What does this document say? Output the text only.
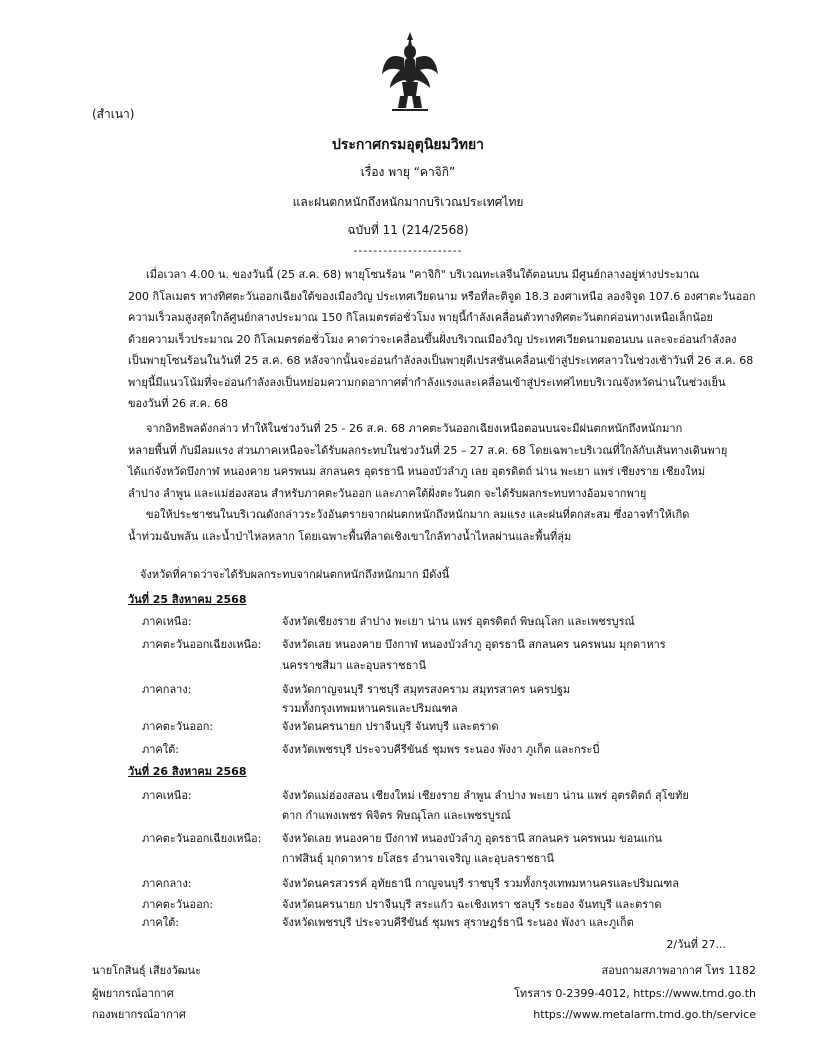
(สำเนา)
ประกาศกรมอุตุนิยมวิทยา
เรื่อง พายุ “คาจิกิ”
และฝนตกหนักถึงหนักมากบริเวณประเทศไทย
ฉบับที่ 11 (214/2568)
----------------------
เมื่อเวลา 4.00 น. ของวันนี้ (25 ส.ค. 68) พายุโซนร้อน "คาจิกิ" บริเวณทะเลจีนใต้ตอนบน มีศูนย์กลางอยู่ห่างประมาณ
200 กิโลเมตร ทางทิศตะวันออกเฉียงใต้ของเมืองวิญ ประเทศเวียดนาม หรือที่ละติจูด 18.3 องศาเหนือ ลองจิจูด 107.6 องศาตะวันออก
ความเร็วลมสูงสุดใกล้ศูนย์กลางประมาณ 150 กิโลเมตรต่อชั่วโมง พายุนี้กำลังเคลื่อนตัวทางทิศตะวันตกค่อนทางเหนือเล็กน้อย
ด้วยความเร็วประมาณ 20 กิโลเมตรต่อชั่วโมง คาดว่าจะเคลื่อนขึ้นฝั่งบริเวณเมืองวิญ ประเทศเวียดนามตอนบน และจะอ่อนกำลังลง
เป็นพายุโซนร้อนในวันที่ 25 ส.ค. 68 หลังจากนั้นจะอ่อนกำลังลงเป็นพายุดีเปรสชันเคลื่อนเข้าสู่ประเทศลาวในช่วงเช้าวันที่ 26 ส.ค. 68
พายุนี้มีแนวโน้มที่จะอ่อนกำลังลงเป็นหย่อมความกดอากาศต่ำกำลังแรงและเคลื่อนเข้าสู่ประเทศไทยบริเวณจังหวัดน่านในช่วงเย็น
ของวันที่ 26 ส.ค. 68
จากอิทธิพลดังกล่าว ทำให้ในช่วงวันที่ 25 - 26 ส.ค. 68 ภาคตะวันออกเฉียงเหนือตอนบนจะมีฝนตกหนักถึงหนักมาก
หลายพื้นที่ กับมีลมแรง ส่วนภาคเหนือจะได้รับผลกระทบในช่วงวันที่ 25 – 27 ส.ค. 68 โดยเฉพาะบริเวณที่ใกล้กับเส้นทางเดินพายุ
ได้แก่จังหวัดบึงกาฬ หนองคาย นครพนม สกลนคร อุดรธานี หนองบัวลำภู เลย อุตรดิตถ์ น่าน พะเยา แพร่ เชียงราย เชียงใหม่
ลำปาง ลำพูน และแม่ฮ่องสอน สำหรับภาคตะวันออก และภาคใต้ฝั่งตะวันตก จะได้รับผลกระทบทางอ้อมจากพายุ
ขอให้ประชาชนในบริเวณดังกล่าวระวังอันตรายจากฝนตกหนักถึงหนักมาก ลมแรง และฝนที่ตกสะสม ซึ่งอาจทำให้เกิด
น้ำท่วมฉับพลัน และน้ำป่าไหลหลาก โดยเฉพาะพื้นที่ลาดเชิงเขาใกล้ทางน้ำไหลผ่านและพื้นที่ลุ่ม
จังหวัดที่คาดว่าจะได้รับผลกระทบจากฝนตกหนักถึงหนักมาก มีดังนี้
วันที่ 25 สิงหาคม 2568
ภาคเหนือ:	จังหวัดเชียงราย ลำปาง พะเยา น่าน แพร่ อุตรดิตถ์ พิษณุโลก และเพชรบูรณ์
ภาคตะวันออกเฉียงเหนือ: จังหวัดเลย หนองคาย บึงกาฬ หนองบัวลำภู อุดรธานี สกลนคร นครพนม มุกดาหาร
นครราชสีมา และอุบลราชธานี
ภาคกลาง:	จังหวัดกาญจนบุรี ราชบุรี สมุทรสงคราม สมุทรสาคร นครปฐม
รวมทั้งกรุงเทพมหานครและปริมณฑล
ภาคตะวันออก:	จังหวัดนครนายก ปราจีนบุรี จันทบุรี และตราด
ภาคใต้:	จังหวัดเพชรบุรี ประจวบคีรีขันธ์ ชุมพร ระนอง พังงา ภูเก็ต และกระบี่
วันที่ 26 สิงหาคม 2568
ภาคเหนือ:	จังหวัดแม่ฮ่องสอน เชียงใหม่ เชียงราย ลำพูน ลำปาง พะเยา น่าน แพร่ อุตรดิตถ์ สุโขทัย
ตาก กำแพงเพชร พิจิตร พิษณุโลก และเพชรบูรณ์
ภาคตะวันออกเฉียงเหนือ: จังหวัดเลย หนองคาย บึงกาฬ หนองบัวลำภู อุดรธานี สกลนคร นครพนม ขอนแก่น
กาฬสินธุ์ มุกดาหาร ยโสธร อำนาจเจริญ และอุบลราชธานี
ภาคกลาง:	จังหวัดนครสวรรค์ อุทัยธานี กาญจนบุรี ราชบุรี รวมทั้งกรุงเทพมหานครและปริมณฑล
ภาคตะวันออก:	จังหวัดนครนายก ปราจีนบุรี สระแก้ว ฉะเชิงเทรา ชลบุรี ระยอง จันทบุรี และตราด
ภาคใต้:	จังหวัดเพชรบุรี ประจวบคีรีขันธ์ ชุมพร สุราษฎร์ธานี ระนอง พังงา และภูเก็ต
2/วันที่ 27...
นายโกสินธุ์ เสียงวัฒนะ
ผู้พยากรณ์อากาศ
กองพยากรณ์อากาศ
สอบถามสภาพอากาศ โทร 1182
โทรสาร 0-2399-4012, https://www.tmd.go.th
https://www.metalarm.tmd.go.th/service
